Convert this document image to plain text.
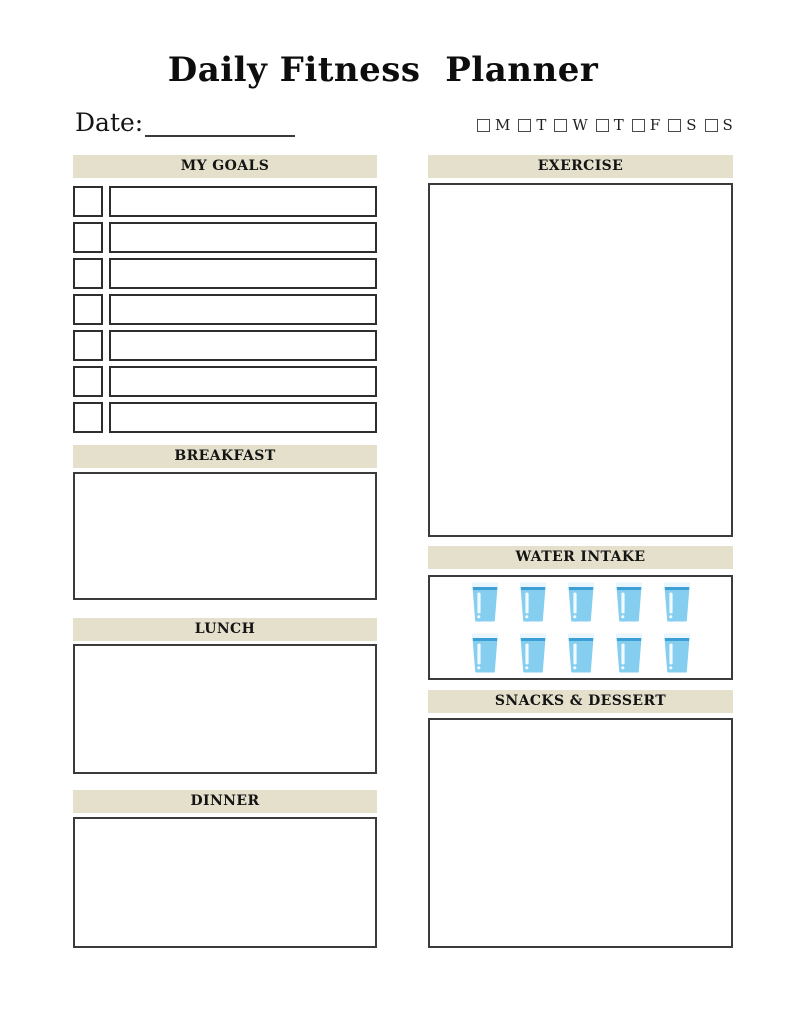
Daily Fitness  Planner
Date:	M T W T F S S
MY GOALS
BREAKFAST
LUNCH
DINNER
EXERCISE
WATER INTAKE
SNACKS & DESSERT
